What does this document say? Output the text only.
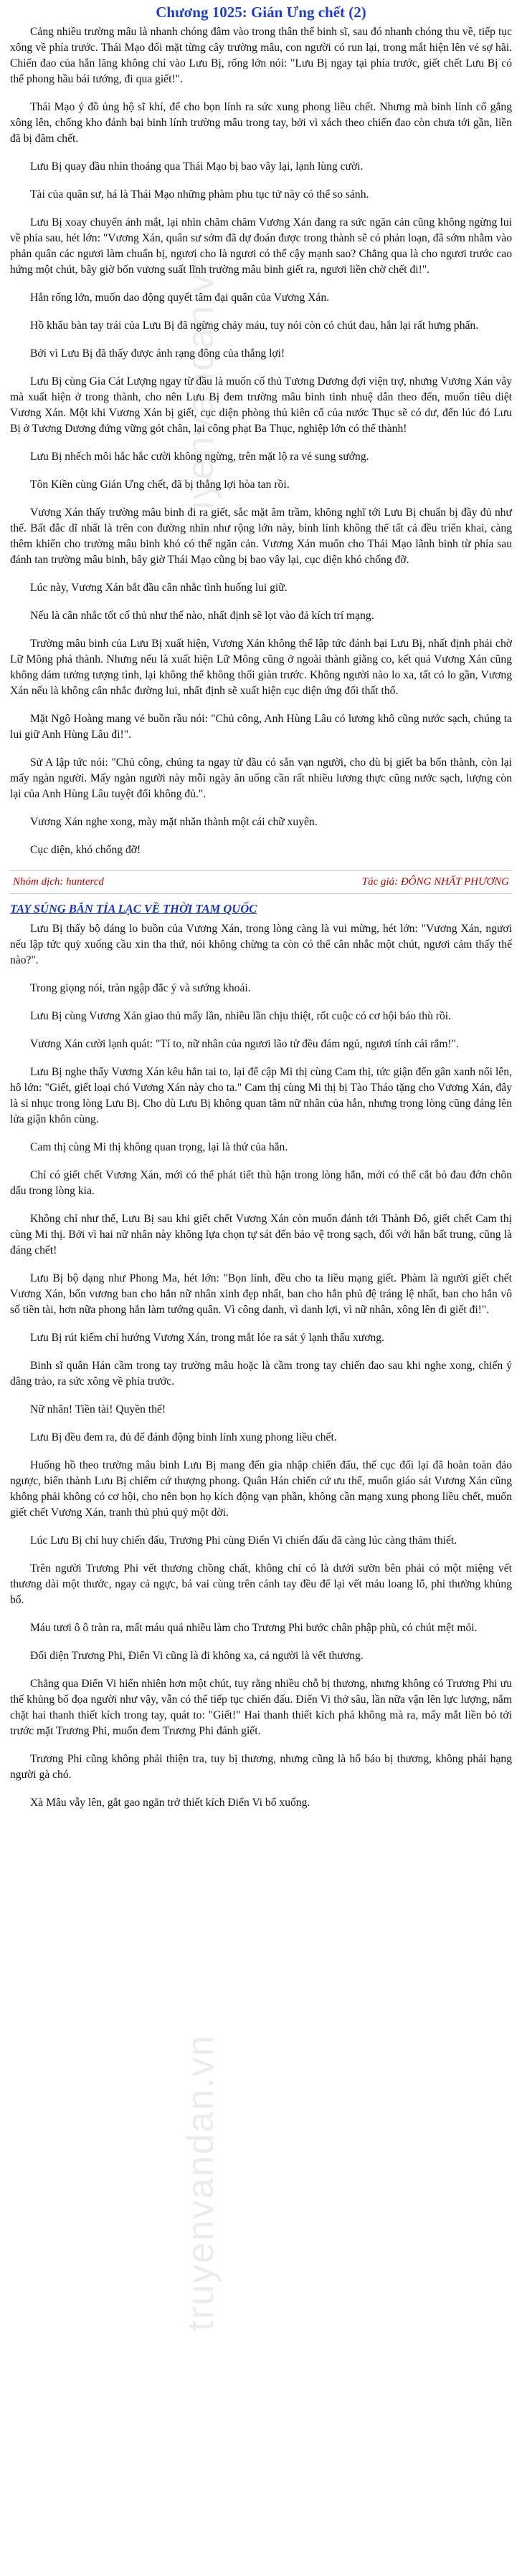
truyenvandan.vn
truyenvandan.vn
Chương 1025: Gián Ưng chết (2)

Cảng nhiều trường mâu là nhanh chóng đâm vào trong thân thể binh sĩ, sau đó nhanh chóng thu về, tiếp tục xông về phía trước. Thái Mạo đối mặt từng cây trường mâu, con người có run lại, trong mắt hiện lên vẻ sợ hãi. Chiến đao của hắn lăng không chỉ vào Lưu Bị, rống lớn nói: "Lưu Bị ngay tại phía trước, giết chết Lưu Bị có thể phong hầu bái tướng, đi qua giết!".

Thái Mạo ý đồ ủng hộ sĩ khí, để cho bọn lính ra sức xung phong liều chết. Nhưng mà binh lính cố gắng xông lên, chống kho đánh bại binh lính trường mâu trong tay, bởi vì xách theo chiến đao còn chưa tới gần, liền đã bị đâm chết.

Lưu Bị quay đầu nhìn thoáng qua Thái Mạo bị bao vây lại, lạnh lùng cười.

Tài của quân sư, há là Thái Mạo những phàm phu tục tử này có thể so sánh.

Lưu Bị xoay chuyển ánh mắt, lại nhìn chăm chăm Vương Xán đang ra sức ngăn cản cũng không ngừng lui về phía sau, hét lớn: "Vương Xán, quân sư sớm đã dự đoán được trong thành sẽ có phản loạn, đã sớm nhằm vào phản quân các ngươi làm chuẩn bị, ngươi cho là ngươi có thể cậy mạnh sao? Chẳng qua là cho ngươi trước cao hứng một chút, bây giờ bốn vương suất lĩnh trường mâu binh giết ra, ngươi liền chờ chết đi!".

Hắn rống lớn, muốn dao động quyết tâm đại quân của Vương Xán.

Hồ khẩu bàn tay trái của Lưu Bị đã ngừng chảy máu, tuy nói còn có chút đau, hắn lại rất hưng phấn.

Bởi vì Lưu Bị đã thấy được ánh rạng đông của thắng lợi!

Lưu Bị cùng Gia Cát Lượng ngay từ đầu là muốn cố thủ Tương Dương đợi viện trợ, nhưng Vương Xán vây mà xuất hiện ở trong thành, cho nên Lưu Bị đem trường mâu binh tinh nhuệ dẫn theo đến, muốn tiêu diệt Vương Xán. Một khi Vương Xán bị giết, cục diện phòng thủ kiên cố của nước Thục sẽ có dư, đến lúc đó Lưu Bị ở Tương Dương đứng vững gót chân, lại công phạt Ba Thục, nghiệp lớn có thể thành!

Lưu Bị nhếch môi hắc hắc cười không ngừng, trên mặt lộ ra vẻ sung sướng.

Tôn Kiền cùng Gián Ưng chết, đã bị thắng lợi hòa tan rồi.

Vương Xán thấy trường mâu binh đi ra giết, sắc mặt âm trầm, không nghĩ tới Lưu Bị chuẩn bị đầy đủ như thế. Bất đắc dĩ nhất là trên con đường nhìn như rộng lớn này, binh lính không thể tất cả đều triển khai, càng thêm khiến cho trường mâu binh khó có thể ngăn cản. Vương Xán muốn cho Thái Mạo lãnh binh từ phía sau đánh tan trường mâu binh, bây giờ Thái Mạo cũng bị bao vây lại, cục diện khó chống đỡ.

Lúc này, Vương Xán bắt đầu cân nhắc tình huống lui giữ.

Nếu là cân nhắc tốt cố thủ như thế nào, nhất định sẽ lọt vào đả kích trí mạng.

Trường mâu binh của Lưu Bị xuất hiện, Vương Xán không thể lập tức đánh bại Lưu Bị, nhất định phải chờ Lữ Mông phá thành. Nhưng nếu là xuất hiện Lữ Mông cũng ở ngoài thành giằng co, kết quả Vương Xán cũng không dám tưởng tượng tình, lại không thể không thối giàn trước. Không người nào lo xa, tất có lo gần, Vương Xán nếu là không cân nhắc đường lui, nhất định sẽ xuất hiện cục diện ứng đối thất thố.

Mặt Ngô Hoàng mang vẻ buồn rầu nói: "Chủ công, Anh Hùng Lâu có lương khô cũng nước sạch, chúng ta lui giữ Anh Hùng Lâu đi!".

Sử A lập tức nói: "Chủ công, chúng ta ngay từ đầu có sắn vạn người, cho dù bị giết ba bốn thành, còn lại mấy ngàn người. Mấy ngàn người này mỗi ngày ăn uống cần rất nhiều lương thực cũng nước sạch, lượng còn lại của Anh Hùng Lâu tuyệt đối không đủ.".

Vương Xán nghe xong, mày mặt nhăn thành một cái chữ xuyên.

Cục diện, khó chống đỡ!

Nhóm dịch: huntercd	Tác giả: ĐÔNG NHẤT PHƯƠNG
TAY SÚNG BẮN TỈA LẠC VỀ THỜI TAM QUỐC

Lưu Bị thấy bộ dáng lo buồn của Vương Xán, trong lòng càng là vui mừng, hét lớn: "Vương Xán, ngươi nếu lập tức quỳ xuống cầu xin tha thứ, nói không chừng ta còn có thể cân nhắc một chút, ngươi cảm thấy thế nào?".

Trong giọng nói, tràn ngập đắc ý và sướng khoái.

Lưu Bị cùng Vương Xán giao thủ mấy lần, nhiều lần chịu thiệt, rốt cuộc có cơ hội báo thù rồi.

Vương Xán cười lạnh quát: "Tí to, nữ nhân của ngươi lão tử đều đám ngủ, ngươi tính cái rắm!".

Lưu Bị nghe thấy Vương Xán kêu hắn tai to, lại để cập Mi thị cùng Cam thị, tức giận đến gân xanh nổi lên, hô lớn: "Giết, giết loại chó Vương Xán này cho ta." Cam thị cùng Mi thị bị Tào Tháo tặng cho Vương Xán, đây là sỉ nhục trong lòng Lưu Bị. Cho dù Lưu Bị không quan tâm nữ nhân của hắn, nhưng trong lòng cũng đáng lên lửa giận khôn cùng.

Cam thị cùng Mi thị không quan trọng, lại là thứ của hắn.

Chỉ có giết chết Vương Xán, mới có thể phát tiết thù hận trong lòng hắn, mới có thể cắt bỏ đau đớn chôn dấu trong lòng kia.

Không chỉ như thế, Lưu Bị sau khi giết chết Vương Xán còn muốn đánh tới Thành Đô, giết chết Cam thị cùng Mi thị. Bởi vì hai nữ nhân này không lựa chọn tự sát đến bảo vệ trong sạch, đối với hắn bất trung, cũng là đáng chết!

Lưu Bị bộ dạng như Phong Ma, hét lớn: "Bọn lính, đều cho ta liều mạng giết. Phàm là người giết chết Vương Xán, bốn vương ban cho hắn nữ nhân xinh đẹp nhất, ban cho hắn phủ đệ tráng lệ nhất, ban cho hắn vô số tiền tài, hơn nữa phong hắn làm tướng quân. Vì công danh, vì danh lợi, vì nữ nhân, xông lên đi giết đi!".

Lưu Bị rút kiếm chỉ hướng Vương Xán, trong mắt lóe ra sát ý lạnh thấu xương.

Binh sĩ quân Hán cầm trong tay trường mâu hoặc là cầm trong tay chiến đao sau khi nghe xong, chiến ý dâng trào, ra sức xông về phía trước.

Nữ nhân! Tiền tài! Quyền thế!

Lưu Bị đều đem ra, đủ để đánh động binh lính xung phong liều chết.

Huống hồ theo trường mâu binh Lưu Bị mang đến gia nhập chiến đấu, thế cục đối lại đã hoàn toàn đảo ngược, biến thành Lưu Bị chiếm cứ thượng phong. Quân Hán chiến cứ ưu thế, muốn giáo sát Vương Xán cũng không phải không có cơ hội, cho nên bọn họ kích động vạn phần, không cần mạng xung phong liều chết, muốn giết chết Vương Xán, tranh thủ phú quý một đời.

Lúc Lưu Bị chỉ huy chiến đấu, Trương Phi cùng Điển Vi chiến đấu đã càng lúc càng thảm thiết.

Trên người Trương Phi vết thương chồng chất, không chỉ có là dưới sườn bên phải có một miệng vết thương dài một thước, ngay cả ngực, bả vai cùng trên cánh tay đều để lại vết máu loang lổ, phi thường khủng bố.

Máu tươi ô ô tràn ra, mất máu quá nhiều làm cho Trương Phi bước chân phập phù, có chút mệt mỏi.

Đối diện Trương Phi, Điển Vi cũng là đi không xa, cả người là vết thương.

Chẳng qua Điển Vi hiển nhiên hơn một chút, tuy rằng nhiều chỗ bị thương, nhưng không có Trương Phi ưu thế khủng bố đọa người như vậy, vẫn có thể tiếp tục chiến đấu. Điển Vi thở sâu, lần nữa vận lên lực lượng, nắm chặt hai thanh thiết kích trong tay, quát to: "Giết!" Hai thanh thiết kích phá không mà ra, mấy mắt liền bỏ tới trước mặt Trương Phi, muốn đem Trương Phi đánh giết.

Trương Phi cũng không phải thiện tra, tuy bị thương, nhưng cũng là hổ báo bị thương, không phải hạng người gà chó.

Xà Mâu vẫy lên, gắt gao ngăn trở thiết kích Điển Vi bổ xuống.
